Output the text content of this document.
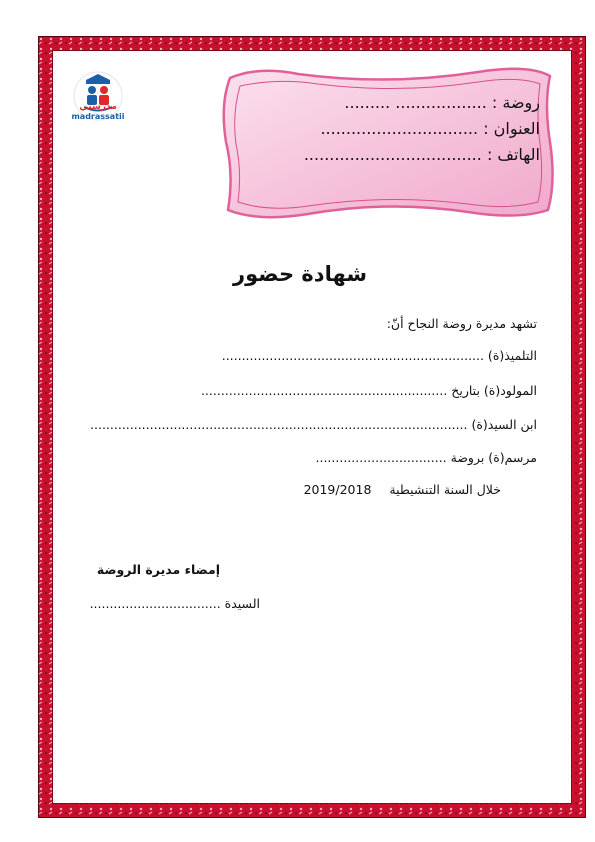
مدرستي
madrassatii
روضة : .................. .........
العنوان : ...............................
الهاتف : ...................................
شهادة حضور
تشهد مديرة روضة النجاح أنّ:
التلميذ(ة) ..................................................................
المولود(ة) بتاريخ ..............................................................
ابن السيد(ة) ...............................................................................................
مرسم(ة) بروضة .................................
خلال السنة التنشيطية  2019/2018
إمضاء مديرة الروضة
السيدة .................................
